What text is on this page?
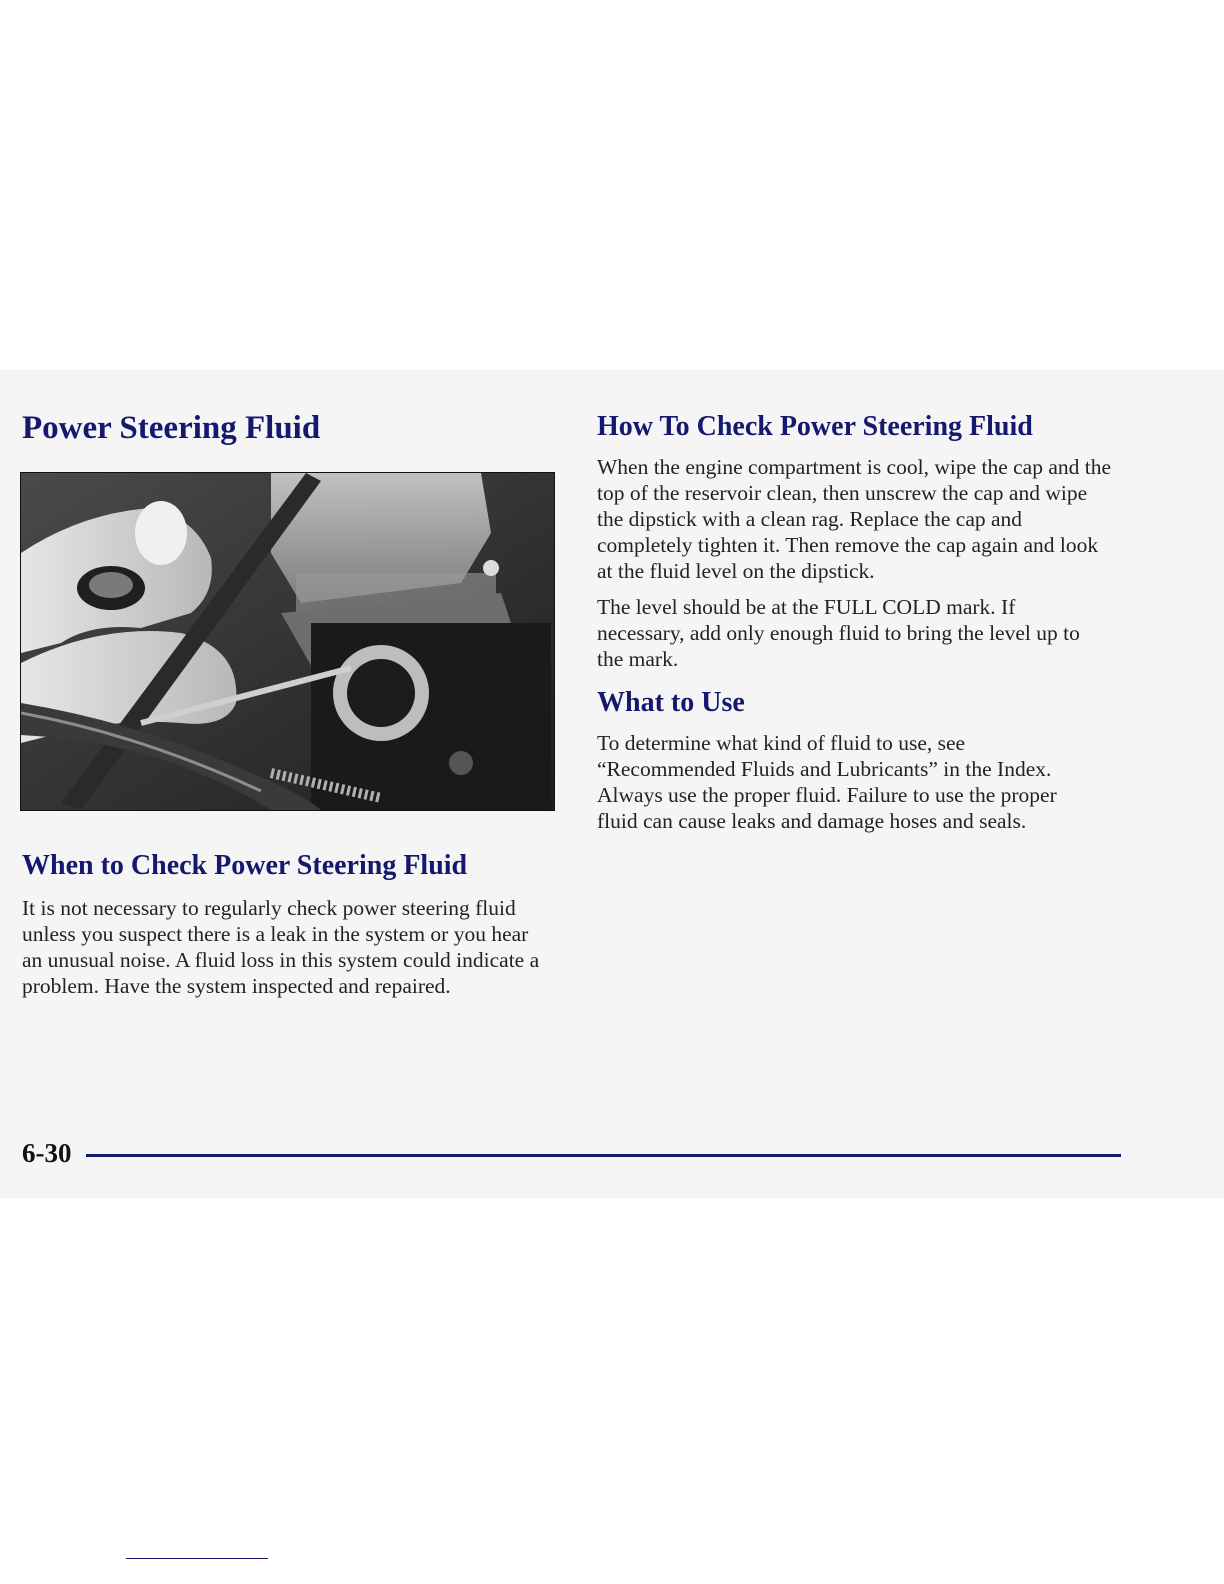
Power Steering Fluid
When to Check Power Steering Fluid

It is not necessary to regularly check power steering fluid unless you suspect there is a leak in the system or you hear an unusual noise. A fluid loss in this system could indicate a problem. Have the system inspected and repaired.

How To Check Power Steering Fluid

When the engine compartment is cool, wipe the cap and the top of the reservoir clean, then unscrew the cap and wipe the dipstick with a clean rag. Replace the cap and completely tighten it. Then remove the cap again and look at the fluid level on the dipstick.

The level should be at the FULL COLD mark. If necessary, add only enough fluid to bring the level up to the mark.

What to Use

To determine what kind of fluid to use, see “Recommended Fluids and Lubricants” in the Index. Always use the proper fluid. Failure to use the proper fluid can cause leaks and damage hoses and seals.

6-30
